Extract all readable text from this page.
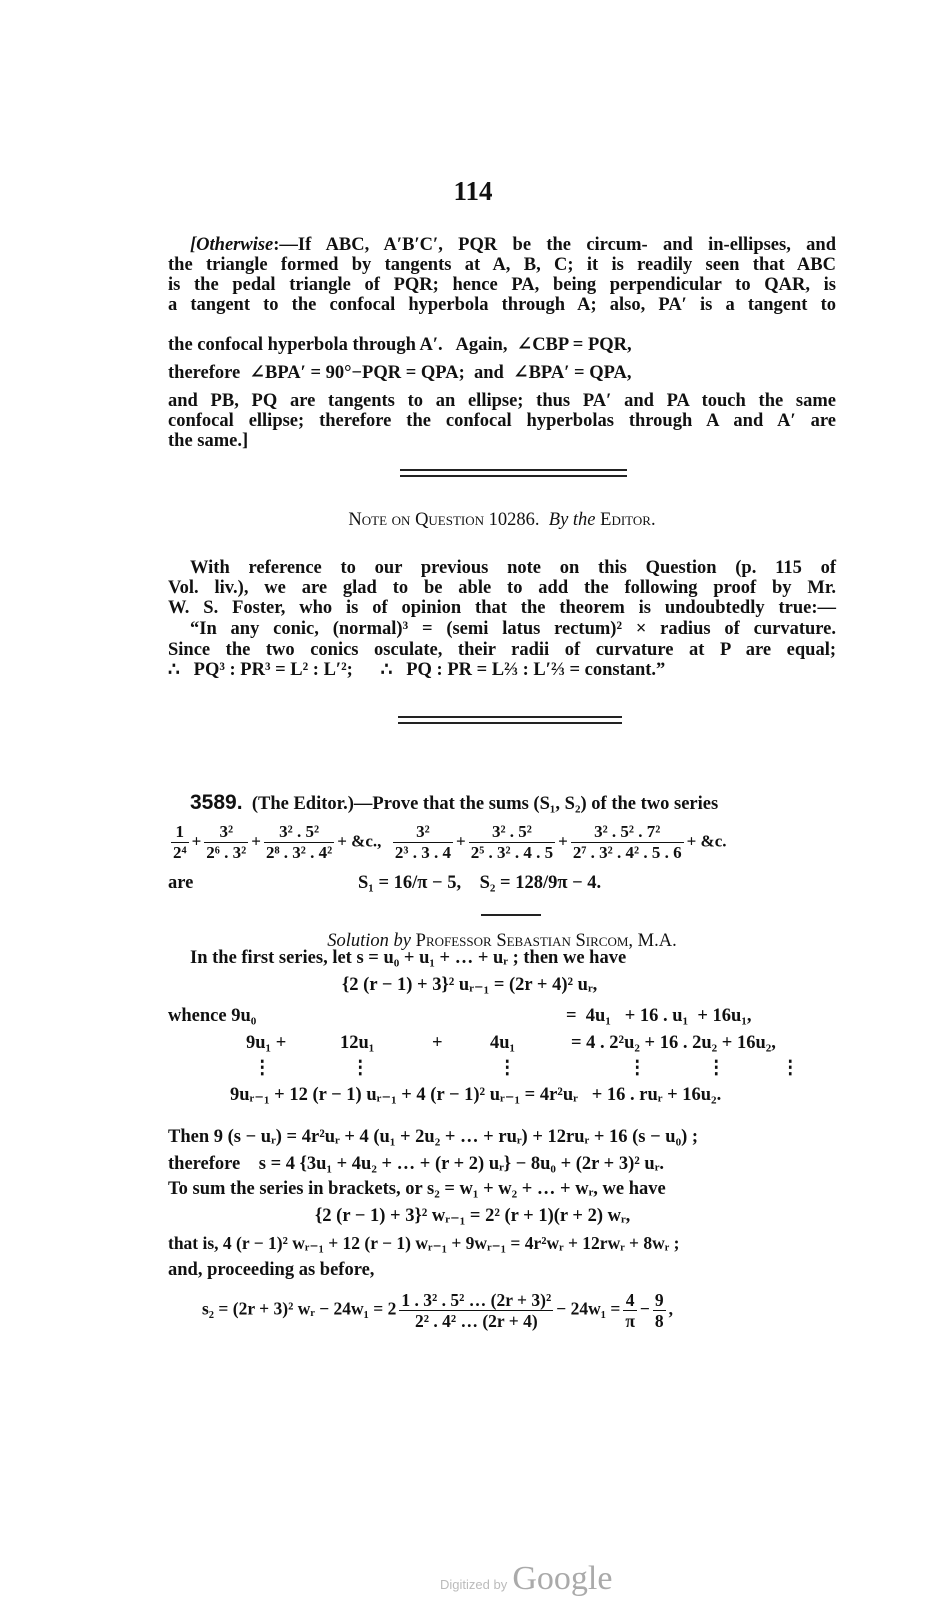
114
[Otherwise:—If ABC, A′B′C′, PQR be the circum- and in-ellipses, and
the triangle formed by tangents at A, B, C; it is readily seen that ABC
is the pedal triangle of PQR; hence PA, being perpendicular to QAR, is
a tangent to the confocal hyperbola through A; also, PA′ is a tangent to
the confocal hyperbola through A′.   Again,  ∠CBP = PQR,
therefore  ∠BPA′ = 90°−PQR = QPA;  and  ∠BPA′ = QPA,
and PB, PQ are tangents to an ellipse; thus PA′ and PA touch the same
confocal ellipse; therefore the confocal hyperbolas through A and A′ are
the same.]
Note on Question 10286. By the Editor.
With reference to our previous note on this Question (p. 115 of
Vol. liv.), we are glad to be able to add the following proof by Mr.
W. S. Foster, who is of opinion that the theorem is undoubtedly true:—
“In any conic, (normal)³ = (semi latus rectum)² × radius of curvature.
Since the two conics osculate, their radii of curvature at P are equal;
∴   PQ³ : PR³ = L² : L′²;      ∴   PQ : PR = L⅔ : L′⅔ = constant.”
3589. (The Editor.)—Prove that the sums (S₁, S₂) of the two series
$\frac{1}{\text{2⁴}} + \frac{\text{3²}}{\text{2⁶ . 3²}} + \frac{\text{3² . 5²}}{\text{2⁸ . 3² . 4²}}$ + &c., $\frac{\text{3²}}{\text{2³ . 3 . 4}} + \frac{\text{3² . 5²}}{\text{2⁵ . 3² . 4 . 5}} + \frac{\text{3² . 5² . 7²}}{\text{2⁷ . 3² . 4² . 5 . 6}}$ + &c.
are	S₁ = 16/π − 5,    S₂ = 128/9π − 4.
Solution by Professor Sebastian Sircom, M.A.
In the first series, let s = u₀ + u₁ + … + uᵣ ; then we have
{2 (r − 1) + 3}² uᵣ₋₁ = (2r + 4)² uᵣ,
whence 9u₀	=  4u₁   + 16 . u₁  + 16u₁,
9u₁ +	12u₁	+	4u₁	= 4 . 2²u₂ + 16 . 2u₂ + 16u₂,
⋮	⋮	⋮	⋮	⋮	⋮
9uᵣ₋₁ + 12 (r − 1) uᵣ₋₁ + 4 (r − 1)² uᵣ₋₁ = 4r²uᵣ   + 16 . ruᵣ + 16u₂.
Then 9 (s − uᵣ) = 4r²uᵣ + 4 (u₁ + 2u₂ + … + ruᵣ) + 12ruᵣ + 16 (s − u₀) ;
therefore    s = 4 {3u₁ + 4u₂ + … + (r + 2) uᵣ} − 8u₀ + (2r + 3)² uᵣ.
To sum the series in brackets, or s₂ = w₁ + w₂ + … + wᵣ, we have
{2 (r − 1) + 3}² wᵣ₋₁ = 2² (r + 1)(r + 2) wᵣ,
that is, 4 (r − 1)² wᵣ₋₁ + 12 (r − 1) wᵣ₋₁ + 9wᵣ₋₁ = 4r²wᵣ + 12rwᵣ + 8wᵣ ;
and, proceeding as before,
s₂ = (2r + 3)² wᵣ − $24w_1 = 2 \frac{\text{1 . 3² . 5² … (2r + 3)²}}{\text{2² . 4² … (2r + 4)}} - 24w_1 = \frac{4}{\pi} - \frac{9}{8}$ ,
Digitized by Google
